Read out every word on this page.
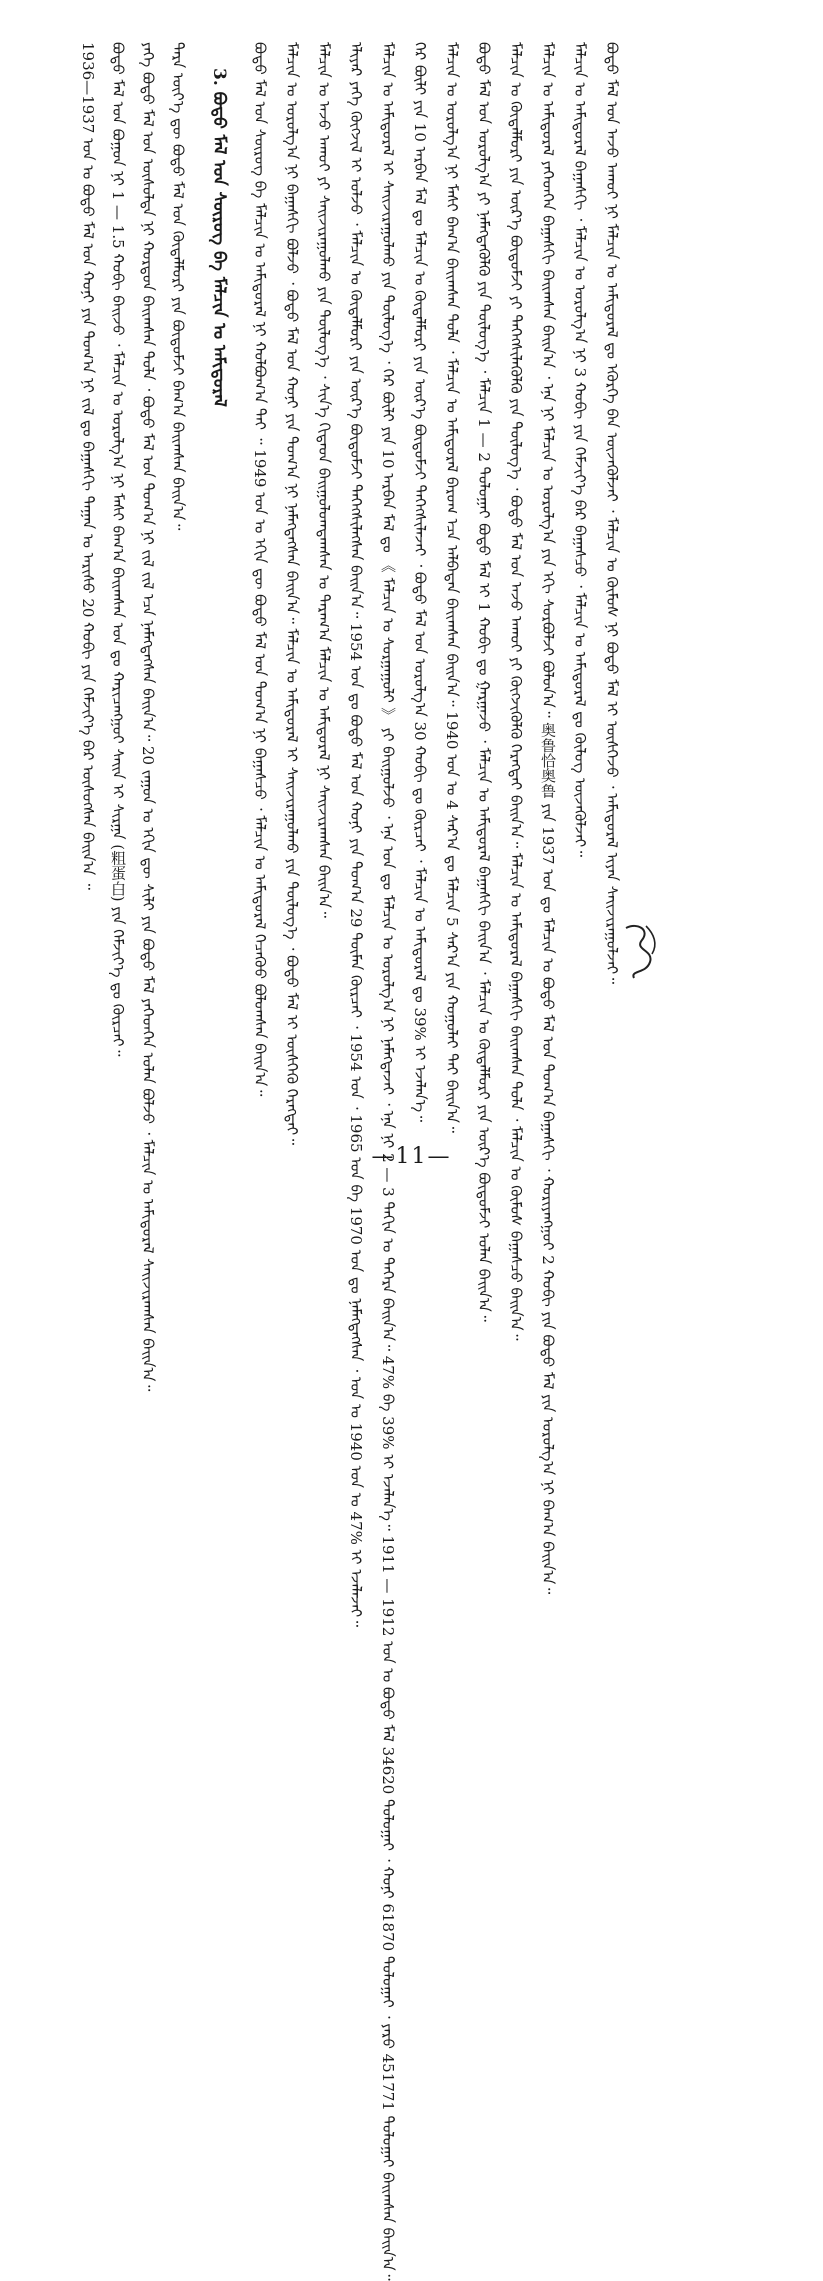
1936—1937 ᠣᠨ ᠤ ᠪᠣᠳᠣ ᠮᠠᠯ ᠤᠨ ᠬᠣᠨᠢ ᠶᠢᠨ ᠲᠣᠭ᠎ᠠ ᠨᠢ ᠵᠢᠯ ᠳᠤ ᠪᠠᠭᠠᠰᠬᠢ ᠳᠠᠭᠠᠨ ᠤ ᠠᠷᠢᠰᠤ 20 ᠬᠤᠪᠢ ᠶᠢᠨ ᠬᠡᠮᠵᠢᠶ᠎ᠡ ᠪᠡᠷ ᠦᠰᠦᠭᠰᠡᠨ ᠪᠠᠢᠨ᠎ᠠ ᠃ ᠪᠣᠳᠣ ᠮᠠᠯ ᠤᠨ ᠪᠣᠭᠣᠨ ᠨᠢ 1 — 1.5 ᠬᠤᠪᠢ ᠪᠠᠢᠵᠤ ᠂ ᠮᠠᠯᠴᠢᠨ ᠤ ᠣᠷᠣᠯᠭ᠎ᠠ ᠨᠢ ᠮᠠᠰᠢ ᠪᠠᠭ᠎ᠠ ᠪᠠᠢᠭᠰᠠᠨ ᠣᠨ ᠳᠤ ᠬᠠᠷᠢᠴᠠᠩᠭᠤᠢ ᠰᠠᠢᠨ ᠢ ᠰᠢᠷᠭᠠ (粗蛋白) ᠶᠢᠨ ᠬᠡᠮᠵᠢᠶ᠎ᠡ ᠳᠤ ᠬᠦᠷᠴᠡᠢ᠃ ᠶᠡᠬᠡ ᠪᠣᠳᠣ ᠮᠠᠯ ᠤᠨ ᠦᠰᠦᠯᠲᠡ ᠨᠢ ᠬᠤᠷᠳᠤᠨ ᠪᠠᠢᠭᠰᠠᠨ ᠲᠤᠯᠠ ᠂ ᠪᠣᠳᠣ ᠮᠠᠯ ᠤᠨ ᠲᠣᠭ᠎ᠠ ᠨᠢ ᠵᠢᠯ ᠵᠢᠯ ᠡᠴᠡ ᠨᠡᠮᠡᠭᠳᠡᠭᠰᠡᠨ ᠪᠠᠢᠨ᠎ᠠ᠃ 20 ᠵᠠᠭᠤᠨ ᠤ ᠡᠬᠢᠨ ᠳᠦ ᠰᠢᠯᠢ ᠶᠢᠨ ᠪᠣᠳᠣ ᠮᠠᠯ ᠶᠡᠬᠡᠳᠬᠡᠨ ᠣᠯᠠᠨ ᠪᠣᠯᠵᠤ ᠂ ᠮᠠᠯᠴᠢᠨ ᠤ ᠠᠮᠢᠳᠤᠷᠠᠯ ᠰᠠᠢᠵᠢᠷᠠᠭᠰᠠᠨ ᠪᠠᠢᠨ᠎ᠠ᠃ ᠲᠡᠷᠡ ᠦᠶ᠎ᠡ ᠳᠦ ᠪᠣᠳᠣ ᠮᠠᠯ ᠤᠨ ᠬᠦᠳᠡᠯᠮᠦᠷᠢ ᠶᠢᠨ ᠪᠦᠲᠦᠮᠵᠢ ᠪᠠᠭ᠎ᠠ ᠪᠠᠢᠭᠰᠠᠨ ᠪᠠᠢᠨ᠎ᠠ᠃ 3. ᠪᠣᠳᠣ ᠮᠠᠯ ᠤᠨ ᠰᠦᠷᠦᠭ ᠪᠠ ᠮᠠᠯᠴᠢᠨ ᠤ ᠠᠮᠢᠳᠤᠷᠠᠯ	ᠪᠣᠳᠣ ᠮᠠᠯ ᠤᠨ ᠰᠦᠷᠦᠭ ᠪᠠ ᠮᠠᠯᠴᠢᠨ ᠤ ᠠᠮᠢᠳᠤᠷᠠᠯ ᠨᠢ ᠬᠣᠯᠪᠣᠭ᠎ᠠ ᠲᠠᠢ ᠃ 1949 ᠣᠨ ᠤ ᠡᠬᠢᠨ ᠳᠦ ᠪᠣᠳᠣ ᠮᠠᠯ ᠤᠨ ᠲᠣᠭ᠎ᠠ ᠨᠢ ᠪᠠᠭᠠᠰᠴᠤ ᠂ ᠮᠠᠯᠴᠢᠨ ᠤ ᠠᠮᠢᠳᠤᠷᠠᠯ ᠬᠡᠴᠡᠭᠦᠦ ᠪᠣᠯᠤᠭᠰᠠᠨ ᠪᠠᠢᠨ᠎ᠠ᠃ ᠮᠠᠯᠴᠢᠨ ᠤ ᠣᠷᠣᠯᠭ᠎ᠠ ᠨᠢ ᠪᠠᠭᠠᠰᠬᠢ ᠪᠣᠯᠵᠤ ᠂ ᠪᠣᠳᠣ ᠮᠠᠯ ᠤᠨ ᠬᠣᠨᠢ ᠶᠢᠨ ᠲᠣᠭ᠎ᠠ ᠨᠢ ᠨᠡᠮᠡᠭᠳᠡᠭᠰᠡᠨ ᠪᠠᠢᠨ᠎ᠠ᠃ ᠮᠠᠯᠴᠢᠨ ᠤ ᠠᠮᠢᠳᠤᠷᠠᠯ ᠢ ᠰᠠᠢᠵᠢᠷᠠᠭᠤᠯᠬᠤ ᠶᠢᠨ ᠲᠥᠯᠥᠭ᠎ᠡ ᠂ ᠪᠣᠳᠣ ᠮᠠᠯ ᠢ ᠥᠰᠬᠡᠬᠦ ᠬᠡᠷᠡᠭᠲᠡᠢ᠃ ᠮᠠᠯᠴᠢᠨ ᠤ ᠠᠵᠤ ᠠᠬᠤᠢ ᠶᠢ ᠰᠠᠢᠵᠢᠷᠠᠭᠤᠯᠬᠤ ᠶᠢᠨ ᠲᠥᠯᠥᠭ᠎ᠡ ᠂ ᠰᠢᠨ᠎ᠡ ᠬᠢᠲᠠᠳ ᠪᠠᠢᠭᠤᠯᠤᠭᠳᠠᠭᠰᠠᠨ ᠤ ᠳᠠᠷᠠᠭ᠎ᠠ ᠮᠠᠯᠴᠢᠨ ᠤ ᠠᠮᠢᠳᠤᠷᠠᠯ ᠨᠢ ᠰᠠᠢᠵᠢᠷᠠᠭᠰᠠᠨ ᠪᠠᠢᠨ᠎ᠠ᠃ ᠡᠯᠢᠶᠡᠷ ᠶᠡᠬᠡ ᠬᠥᠭᠵᠢᠯ ᠢ ᠣᠯᠵᠤ ᠂ ᠮᠠᠯᠴᠢᠨ ᠤ ᠬᠥᠳᠡᠯᠮᠦᠷᠢ ᠶᠢᠨ ᠦᠷ᠎ᠡ ᠪᠦᠲᠦᠮᠵᠢ ᠳᠡᠭᠡᠭᠰᠢᠯᠡᠭᠰᠡᠨ ᠪᠠᠢᠨ᠎ᠠ᠃ 1954 ᠣᠨ ᠳᠤ ᠪᠣᠳᠣ ᠮᠠᠯ ᠤᠨ ᠬᠣᠨᠢ ᠶᠢᠨ ᠲᠣᠭ᠎ᠠ 29 ᠲᠦᠮᠡᠨ ᠬᠦᠷᠴᠡᠢ ᠂ 1954 ᠣᠨ ᠂ 1965 ᠣᠨ ᠪᠠ 1970 ᠣᠨ ᠳᠤ ᠨᠡᠮᠡᠭᠳᠡᠭᠰᠡᠨ ᠂ ᠣᠨ ᠤ 1940 ᠣᠨ ᠤ 47% ᠢ ᠡᠵᠡᠯᠡᠵᠡᠢ᠃ ᠮᠠᠯᠴᠢᠨ ᠤ ᠠᠮᠢᠳᠤᠷᠠᠯ ᠢ ᠰᠠᠢᠵᠢᠷᠠᠭᠤᠯᠬᠤ ᠶᠢᠨ ᠲᠥᠯᠥᠭ᠎ᠡ ᠂ ᠭᠡᠷ ᠪᠦᠯᠢ ᠶᠢᠨ 10 ᠠᠷᠪᠠᠨ ᠮᠠᠯ ᠳᠤ 《 ᠮᠠᠯᠴᠢᠨ ᠤ ᠰᠤᠷᠭᠠᠭᠤᠯᠢ 》 ᠶᠢ ᠪᠠᠢᠭᠤᠯᠵᠤ ᠂ ᠡᠨᠡ ᠣᠨ ᠳᠤ ᠮᠠᠯᠴᠢᠨ ᠤ ᠣᠷᠣᠯᠭ᠎ᠠ ᠨᠢ ᠨᠡᠮᠡᠭᠳᠡᠵᠡᠢ ᠂ ᠡᠨᠡ ᠨᠢ 2 — 3 ᠳᠠᠬᠢᠨ ᠤ ᠳᠡᠭᠡᠷᠡ ᠪᠠᠢᠨ᠎ᠠ᠃ 47% ᠪᠠ 39% ᠢ ᠡᠵᠡᠯᠡᠨ᠎ᠡ᠃ 1911 — 1912 ᠣᠨ ᠤ ᠪᠣᠳᠣ ᠮᠠᠯ 34620 ᠲᠣᠯᠣᠭᠠᠢ ᠂ ᠬᠣᠨᠢ 61870 ᠲᠣᠯᠣᠭᠠᠢ ᠂ ᠶᠡᠷᠦ 451771 ᠲᠣᠯᠣᠭᠠᠢ ᠪᠠᠢᠭᠰᠠᠨ ᠪᠠᠢᠨ᠎ᠠ᠃ ᠭᠡᠷ ᠪᠦᠯᠢ ᠶᠢᠨ 10 ᠠᠷᠪᠠᠨ ᠮᠠᠯ ᠳᠤ ᠮᠠᠯᠴᠢᠨ ᠤ ᠬᠥᠳᠡᠯᠮᠦᠷᠢ ᠶᠢᠨ ᠦᠷ᠎ᠡ ᠪᠦᠲᠦᠮᠵᠢ ᠳᠡᠭᠡᠭᠰᠢᠯᠡᠵᠡᠢ ᠂ ᠪᠣᠳᠣ ᠮᠠᠯ ᠤᠨ ᠣᠷᠣᠯᠭ᠎ᠠ 30 ᠬᠤᠪᠢ ᠳᠤ ᠬᠦᠷᠴᠡᠢ ᠂ ᠮᠠᠯᠴᠢᠨ ᠤ ᠠᠮᠢᠳᠤᠷᠠᠯ ᠳᠤ 39% ᠢ ᠡᠵᠡᠯᠡᠨ᠎ᠡ᠃ ᠮᠠᠯᠴᠢᠨ ᠤ ᠣᠷᠣᠯᠭ᠎ᠠ ᠨᠢ ᠮᠠᠰᠢ ᠪᠠᠭ᠎ᠠ ᠪᠠᠢᠭᠰᠠᠨ ᠲᠤᠯᠠ ᠂ ᠮᠠᠯᠴᠢᠨ ᠤ ᠠᠮᠢᠳᠤᠷᠠᠯ ᠪᠠᠷᠤᠭ ᠡᠴᠡ ᠠᠯᠪᠠᠳᠠᠨ ᠪᠠᠢᠭᠰᠠᠨ ᠪᠠᠢᠨ᠎ᠠ᠃ 1940 ᠣᠨ ᠤ 4 ᠰᠠᠷ᠎ᠠ ᠳᠤ ᠮᠠᠯᠴᠢᠨ 5 ᠰᠠᠷ᠎ᠠ ᠶᠢᠨ ᠬᠣᠭᠣᠯᠠᠢ ᠲᠠᠢ ᠪᠠᠢᠨ᠎ᠠ᠃ ᠪᠣᠳᠣ ᠮᠠᠯ ᠤᠨ ᠣᠷᠣᠯᠭ᠎ᠠ ᠶᠢ ᠨᠡᠮᠡᠭᠳᠡᠭᠦᠯᠬᠦ ᠶᠢᠨ ᠲᠥᠯᠥᠭ᠎ᠡ ᠂ ᠮᠠᠯᠴᠢᠨ 1 — 2 ᠲᠣᠯᠣᠭᠠᠢ ᠪᠣᠳᠣ ᠮᠠᠯ ᠢ 1 ᠬᠤᠪᠢ ᠳᠤ ᠭᠠᠷᠭᠠᠵᠤ ᠂ ᠮᠠᠯᠴᠢᠨ ᠤ ᠠᠮᠢᠳᠤᠷᠠᠯ ᠪᠠᠭᠠᠰᠬᠢ ᠪᠠᠢᠨ᠎ᠠ ᠂ ᠮᠠᠯᠴᠢᠨ ᠤ ᠬᠥᠳᠡᠯᠮᠦᠷᠢ ᠶᠢᠨ ᠦᠷ᠎ᠡ ᠪᠦᠲᠦᠮᠵᠢ ᠣᠯᠠᠨ ᠪᠠᠢᠨ᠎ᠠ᠃ ᠮᠠᠯᠴᠢᠨ ᠤ ᠬᠥᠳᠡᠯᠮᠦᠷᠢ ᠶᠢᠨ ᠦᠷ᠎ᠡ ᠪᠦᠲᠦᠮᠵᠢ ᠶᠢ ᠳᠡᠭᠡᠭᠰᠢᠯᠡᠭᠦᠯᠬᠦ ᠶᠢᠨ ᠲᠥᠯᠥᠭ᠎ᠡ ᠂ ᠪᠣᠳᠣ ᠮᠠᠯ ᠤᠨ ᠠᠵᠤ ᠠᠬᠤᠢ ᠶᠢ ᠬᠥᠭᠵᠢᠭᠦᠯᠬᠦ ᠬᠡᠷᠡᠭᠲᠡᠢ ᠪᠠᠢᠨ᠎ᠠ᠃ ᠮᠠᠯᠴᠢᠨ ᠤ ᠠᠮᠢᠳᠤᠷᠠᠯ ᠪᠠᠭᠠᠰᠬᠢ ᠪᠠᠢᠭᠰᠠᠨ ᠲᠤᠯᠠ ᠂ ᠮᠠᠯᠴᠢᠨ ᠤ ᠬᠦᠮᠦᠰ ᠪᠠᠭᠠᠰᠴᠤ ᠪᠠᠢᠨ᠎ᠠ᠃ ᠮᠠᠯᠴᠢᠨ ᠤ ᠠᠮᠢᠳᠤᠷᠠᠯ ᠶᠡᠬᠡᠳᠬᠡᠨ ᠪᠠᠭᠠᠰᠬᠢ ᠪᠠᠢᠭᠰᠠᠨ ᠪᠠᠢᠨ᠎ᠠ ᠂ ᠡᠨᠡ ᠨᠢ ᠮᠠᠯᠴᠢᠨ ᠤ ᠣᠷᠣᠯᠭ᠎ᠠ ᠶᠢᠨ ᠡᠬᠢ ᠰᠤᠷᠪᠤᠯᠵᠢ ᠪᠣᠯᠤᠨ᠎ᠠ᠃ 奥鲁恰奥鲁 ᠶᠢᠨ 1937 ᠣᠨ ᠳᠤ ᠮᠠᠯᠴᠢᠨ ᠤ ᠪᠣᠳᠣ ᠮᠠᠯ ᠤᠨ ᠲᠣᠭ᠎ᠠ ᠪᠠᠭᠠᠰᠬᠢ ᠂ ᠬᠤᠷᠢᠶᠠᠩᠭᠤᠢ 2 ᠬᠤᠪᠢ ᠶᠢᠨ ᠪᠣᠳᠣ ᠮᠠᠯ ᠶᠢᠨ ᠣᠷᠣᠯᠭ᠎ᠠ ᠨᠢ ᠪᠠᠭ᠎ᠠ ᠪᠠᠢᠨ᠎ᠠ᠃ ᠮᠠᠯᠴᠢᠨ ᠤ ᠠᠮᠢᠳᠤᠷᠠᠯ ᠪᠠᠭᠠᠰᠬᠢ ᠂ ᠮᠠᠯᠴᠢᠨ ᠤ ᠣᠷᠣᠯᠭ᠎ᠠ ᠨᠢ 3 ᠬᠤᠪᠢ ᠶᠢᠨ ᠬᠡᠮᠵᠢᠶ᠎ᠡ ᠪᠡᠷ ᠪᠠᠭᠠᠰᠴᠤ ᠂ ᠮᠠᠯᠴᠢᠨ ᠤ ᠠᠮᠢᠳᠤᠷᠠᠯ ᠳᠤ ᠬᠥᠯᠥᠭ ᠦᠵᠡᠭᠦᠯᠵᠡᠢ᠃ ᠪᠣᠳᠣ ᠮᠠᠯ ᠤᠨ ᠠᠵᠤ ᠠᠬᠤᠢ ᠨᠢ ᠮᠠᠯᠴᠢᠨ ᠤ ᠠᠮᠢᠳᠤᠷᠠᠯ ᠳᠤ ᠡᠭᠦᠷᠭᠡ ᠪᠠᠨ ᠦᠵᠡᠭᠦᠯᠵᠡᠢ ᠂ ᠮᠠᠯᠴᠢᠨ ᠤ ᠬᠦᠮᠦᠰ ᠨᠢ ᠪᠣᠳᠣ ᠮᠠᠯ ᠢ ᠥᠰᠬᠡᠵᠦ ᠂ ᠠᠮᠢᠳᠤᠷᠠᠯ ᠢᠶᠠᠨ ᠰᠠᠢᠵᠢᠷᠠᠭᠤᠯᠵᠠᠢ᠃
—11—
